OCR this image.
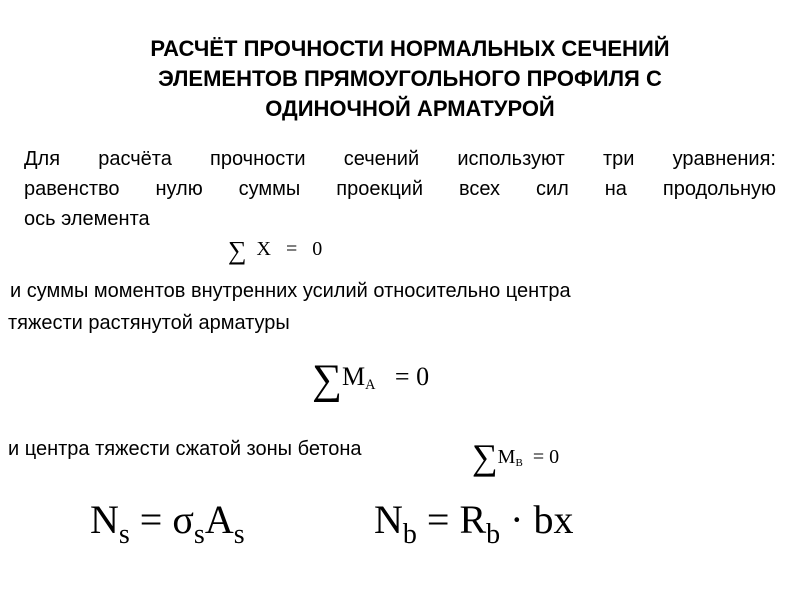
РАСЧЁТ ПРОЧНОСТИ НОРМАЛЬНЫХ СЕЧЕНИЙ
ЭЛЕМЕНТОВ ПРЯМОУГОЛЬНОГО ПРОФИЛЯ С
ОДИНОЧНОЙ АРМАТУРОЙ
Для расчёта прочности сечений используют три уравнения:
равенство нулю суммы проекций всех сил на продольную
ось элемента
∑ X = 0
и суммы моментов внутренних усилий относительно центра
тяжести растянутой арматуры
∑MA = 0
и центра тяжести сжатой зоны бетона	∑MB = 0
$N_s = \sigma_sA_s$	$N_b = R_b$ · bx
